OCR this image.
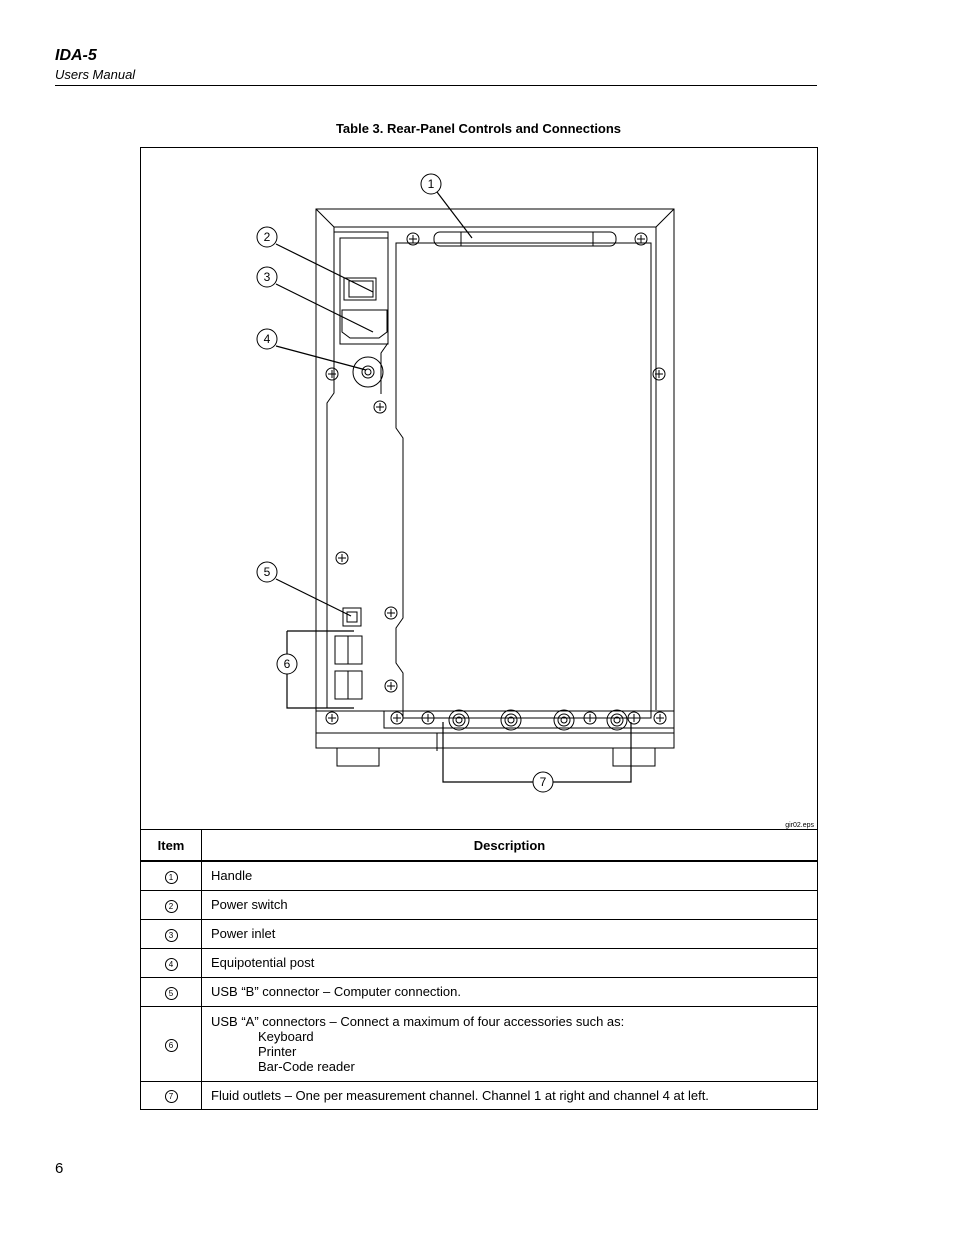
IDA-5
Users Manual
Table 3. Rear-Panel Controls and Connections
1
2
3
4
5
6
7
gir02.eps
Item	Description
1	Handle
2	Power switch
3	Power inlet
4	Equipotential post
5	USB “B” connector – Computer connection.
6	USB “A” connectors – Connect a maximum of four accessories such as:
Keyboard
Printer
Bar-Code reader

7	Fluid outlets – One per measurement channel. Channel 1 at right and channel 4 at left.
6
